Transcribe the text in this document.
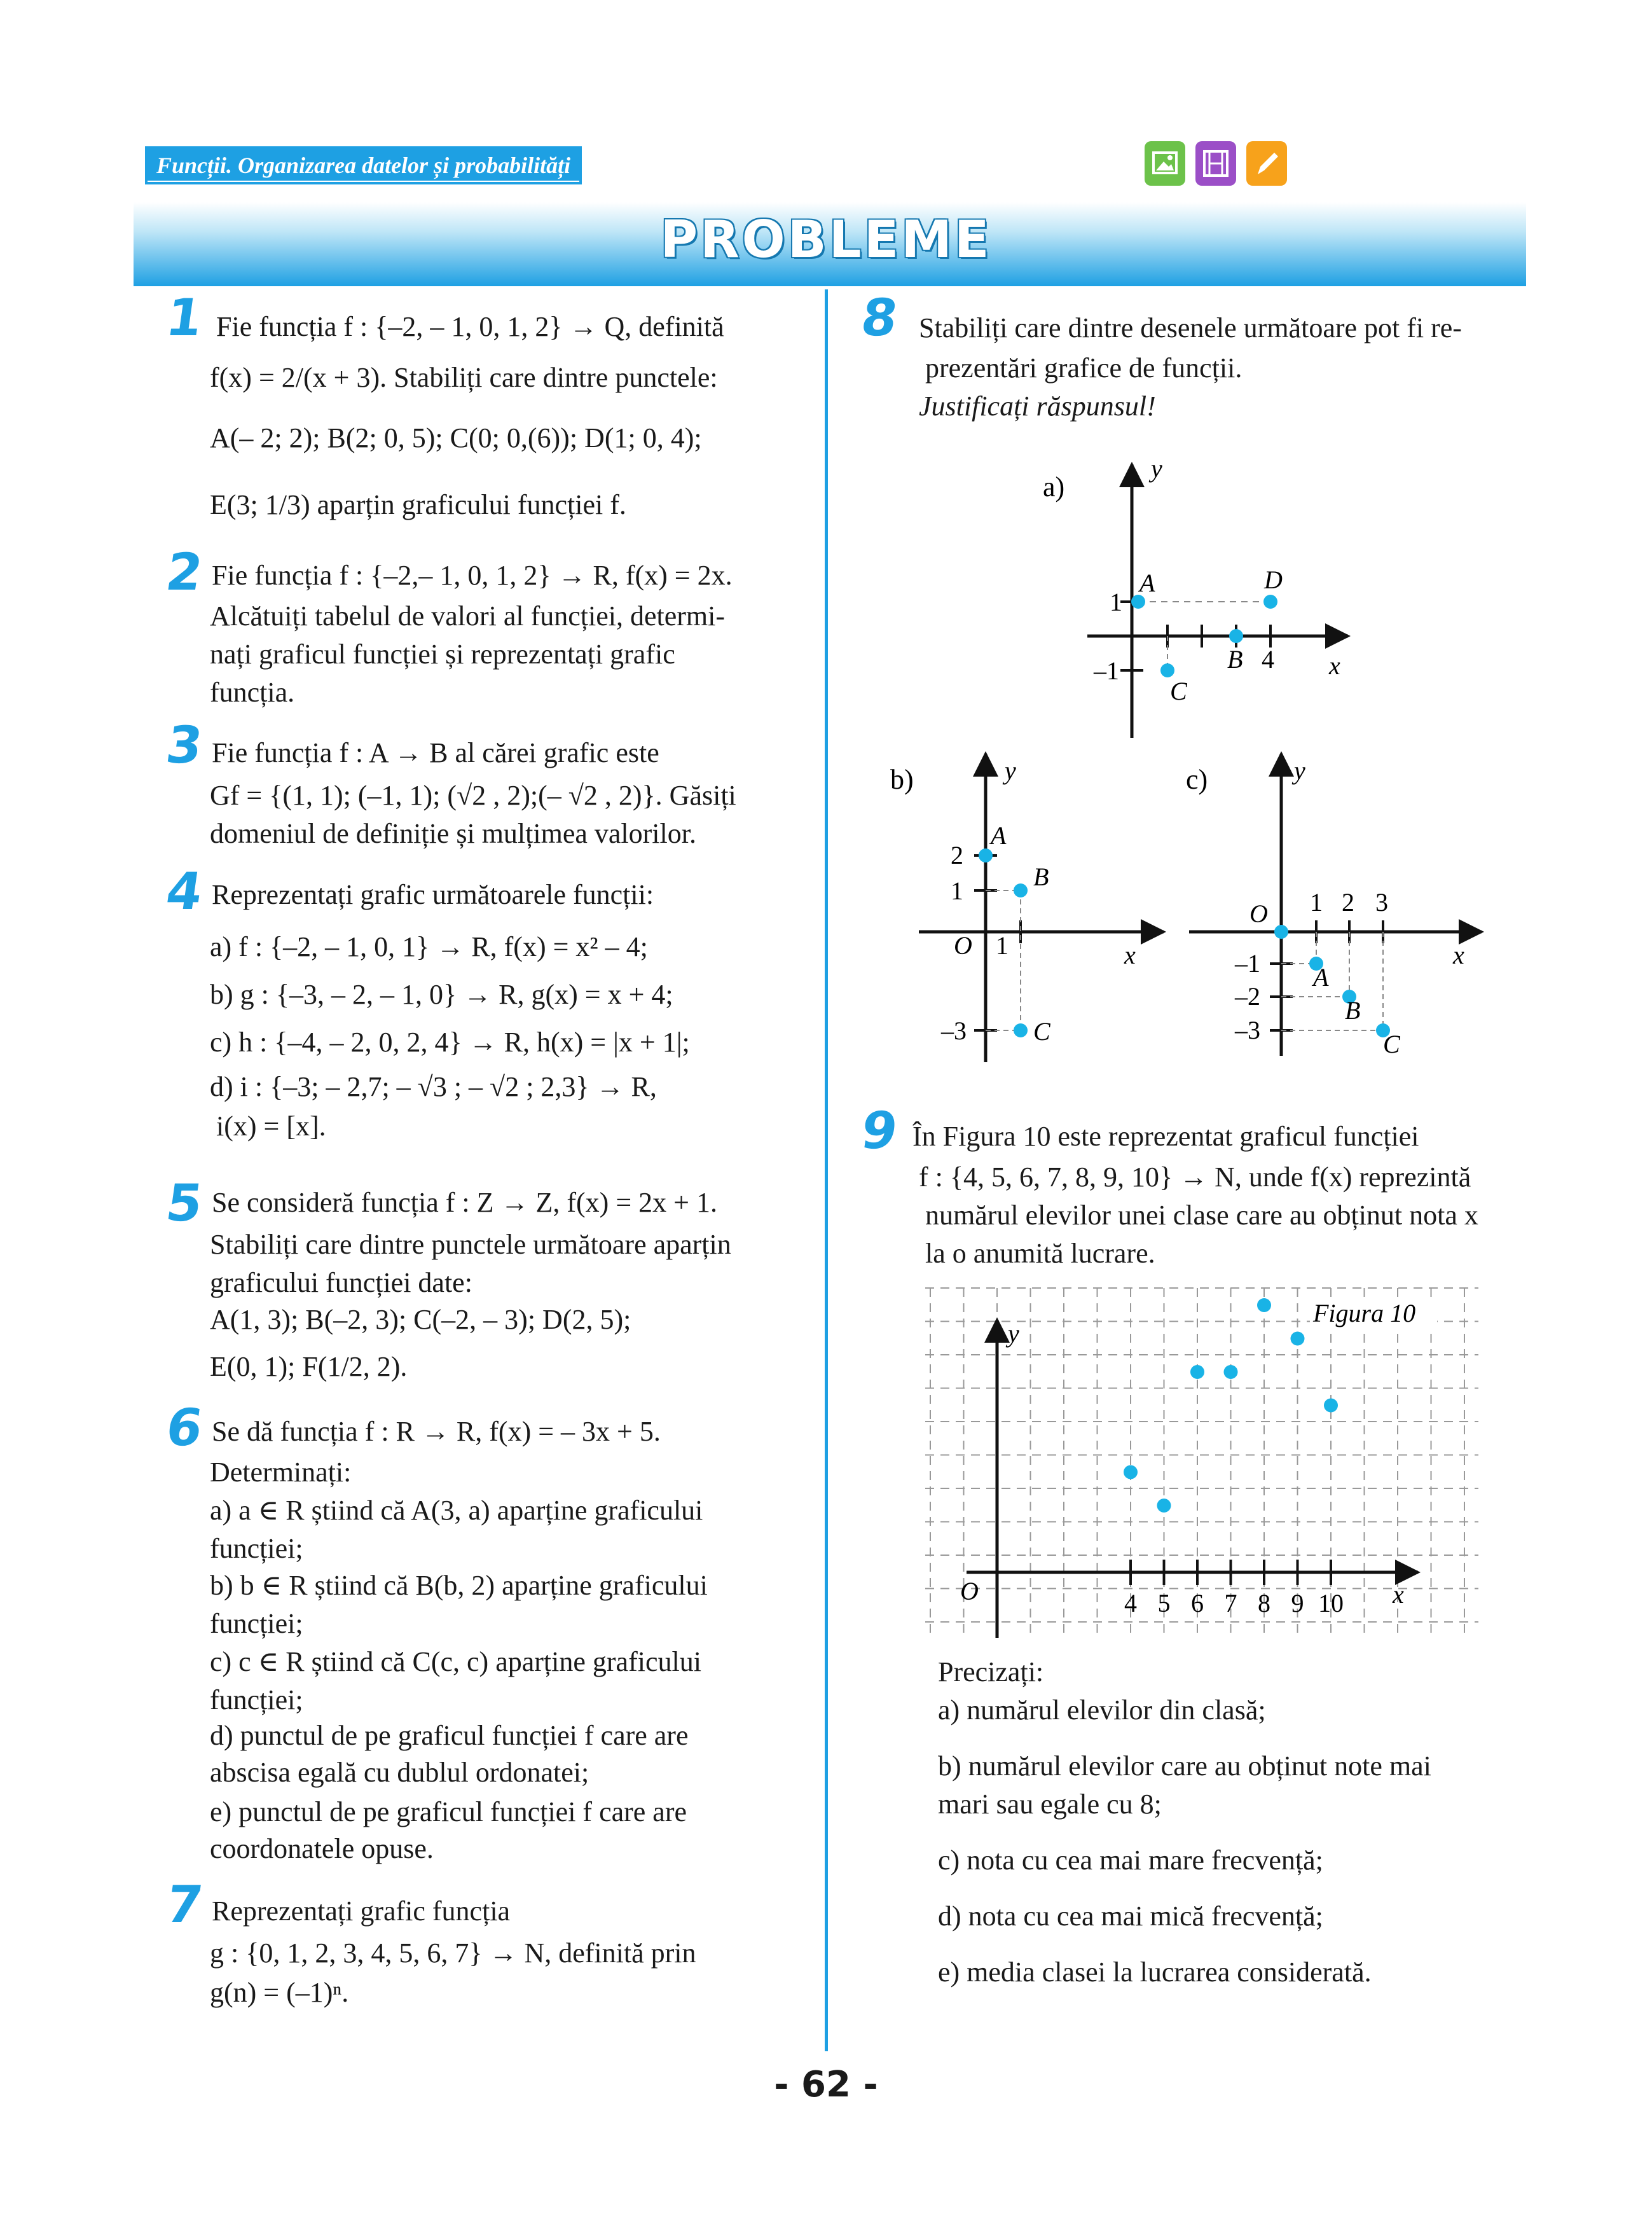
Funcții. Organizarea datelor și probabilități
PROBLEME
1 Fie funcția f : {–2, – 1, 0, 1, 2} → Q, definită
f(x) = 2/(x + 3). Stabiliți care dintre punctele:
A(– 2; 2); B(2; 0, 5); C(0; 0,(6)); D(1; 0, 4);
E(3; 1/3) aparțin graficului funcției f.
2 Fie funcția f : {–2,– 1, 0, 1, 2} → R, f(x) = 2x.
Alcătuiți tabelul de valori al funcției, determi-
nați graficul funcției și reprezentați grafic
funcția.
3 Fie funcția f : A → B al cărei grafic este
Gf = {(1, 1); (–1, 1); (√2 , 2);(– √2 , 2)}. Găsiți
domeniul de definiție și mulțimea valorilor.
4 Reprezentați grafic următoarele funcții:
a) f : {–2, – 1, 0, 1} → R, f(x) = x² – 4;
b) g : {–3, – 2, – 1, 0} → R, g(x) = x + 4;
c) h : {–4, – 2, 0, 2, 4} → R, h(x) = |x + 1|;
d) i : {–3; – 2,7; – √3 ; – √2 ; 2,3} → R,
i(x) = [x].
5 Se consideră funcția f : Z → Z, f(x) = 2x + 1.
Stabiliți care dintre punctele următoare aparțin
graficului funcției date:
A(1, 3); B(–2, 3); C(–2, – 3); D(2, 5);
E(0, 1); F(1/2, 2).
6 Se dă funcția f : R → R, f(x) = – 3x + 5.
Determinați:
a) a ∈ R știind că A(3, a) aparține graficului
funcției;
b) b ∈ R știind că B(b, 2) aparține graficului
funcției;
c) c ∈ R știind că C(c, c) aparține graficului
funcției;
d) punctul de pe graficul funcției f care are
abscisa egală cu dublul ordonatei;
e) punctul de pe graficul funcției f care are
coordonatele opuse.
7 Reprezentați grafic funcția
g : {0, 1, 2, 3, 4, 5, 6, 7} → N, definită prin
g(n) = (–1)ⁿ.
8 Stabiliți care dintre desenele următoare pot fi re-
prezentări grafice de funcții.
Justificați răspunsul!
a)
y
x
1
–1	4
A	D
C
B
b)	y
x
O
2
1
–3
1
A
B
C
c)	y
x
O 1 2 3
–1
–2
–3
A
B
C
9 În Figura 10 este reprezentat graficul funcției
f : {4, 5, 6, 7, 8, 9, 10} → N, unde f(x) reprezintă
numărul elevilor unei clase care au obținut nota x
la o anumită lucrare.
y
x
O
Figura 10
4 5 6 7 8 9 10
Precizați:
a) numărul elevilor din clasă;
b) numărul elevilor care au obținut note mai
mari sau egale cu 8;
c) nota cu cea mai mare frecvență;
d) nota cu cea mai mică frecvență;
e) media clasei la lucrarea considerată.
- 62 -
